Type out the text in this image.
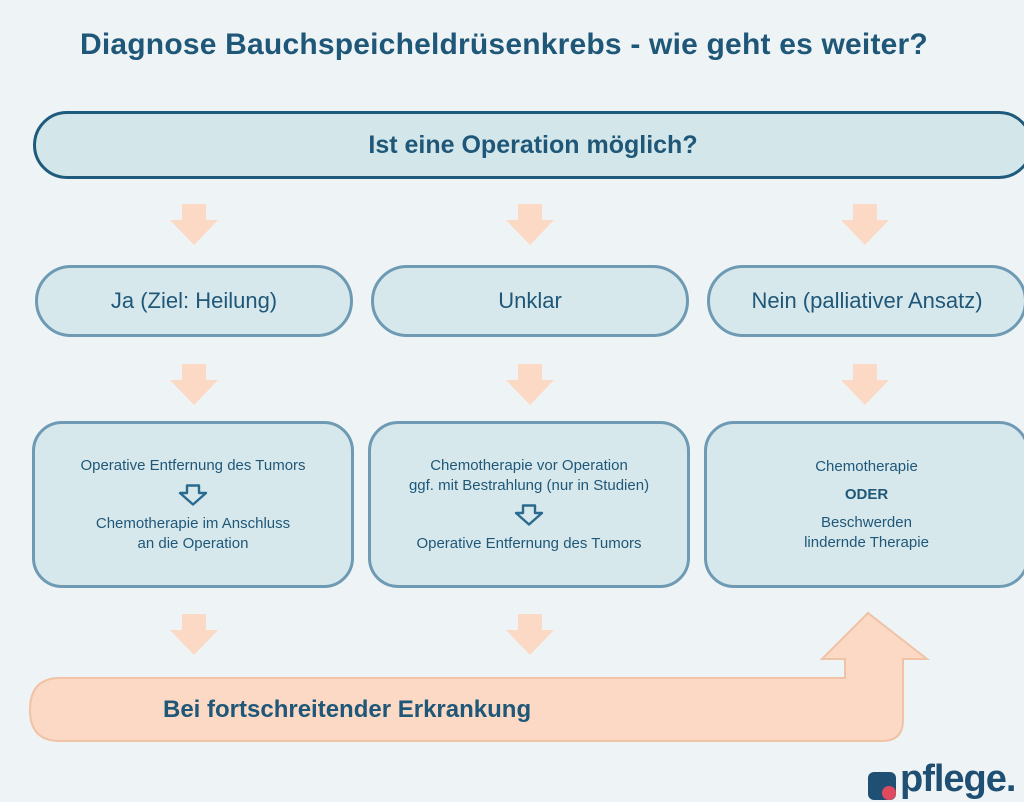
Diagnose Bauchspeicheldrüsenkrebs - wie geht es weiter?
Ist eine Operation möglich?
Ja (Ziel: Heilung)	Unklar	Nein (palliativer Ansatz)
Operative Entfernung des Tumors
Chemotherapie im Anschluss
an die Operation
Chemotherapie vor Operation
ggf. mit Bestrahlung (nur in Studien)
Operative Entfernung des Tumors
Chemotherapie
ODER
Beschwerden
lindernde Therapie
Bei fortschreitender Erkrankung
pflege.
